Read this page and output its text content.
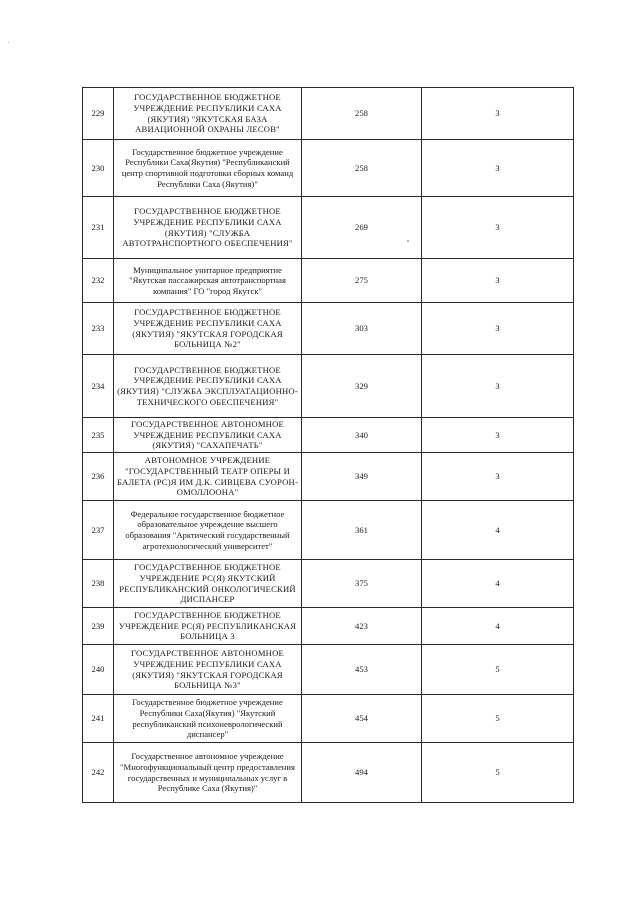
229	ГОСУДАРСТВЕННОЕ БЮДЖЕТНОЕ УЧРЕЖДЕНИЕ РЕСПУБЛИКИ САХА (ЯКУТИЯ) "ЯКУТСКАЯ БАЗА АВИАЦИОННОЙ ОХРАНЫ ЛЕСОВ"	258	3
230	Государственное бюджетное учреждение Республики Саха(Якутия) "Республиканский центр спортивной подготовки сборных команд Республики Саха (Якутия)"	258	3
231	ГОСУДАРСТВЕННОЕ БЮДЖЕТНОЕ УЧРЕЖДЕНИЕ РЕСПУБЛИКИ САХА (ЯКУТИЯ) "СЛУЖБА АВТОТРАНСПОРТНОГО ОБЕСПЕЧЕНИЯ"	269	3
232	Муниципальное унитарное предприятие "Якутская пассажирская автотранспортная компания" ГО "город Якутск"	275	3
233	ГОСУДАРСТВЕННОЕ БЮДЖЕТНОЕ УЧРЕЖДЕНИЕ РЕСПУБЛИКИ САХА (ЯКУТИЯ) "ЯКУТСКАЯ ГОРОДСКАЯ БОЛЬНИЦА №2"	303	3
234	ГОСУДАРСТВЕННОЕ БЮДЖЕТНОЕ УЧРЕЖДЕНИЕ РЕСПУБЛИКИ САХА (ЯКУТИЯ) "СЛУЖБА ЭКСПЛУАТАЦИОННО-ТЕХНИЧЕСКОГО ОБЕСПЕЧЕНИЯ"	329	3
235	ГОСУДАРСТВЕННОЕ АВТОНОМНОЕ УЧРЕЖДЕНИЕ РЕСПУБЛИКИ САХА (ЯКУТИЯ) "САХАПЕЧАТЬ"	340	3
236	АВТОНОМНОЕ УЧРЕЖДЕНИЕ "ГОСУДАРСТВЕННЫЙ ТЕАТР ОПЕРЫ И БАЛЕТА (РС)Я ИМ Д.К. СИВЦЕВА СУОРОН-ОМОЛЛООНА"	349	3
237	Федеральное государственное бюджетное образовательное учреждение высшего образования "Арктический государственный агротехнологический университет"	361	4
238	ГОСУДАРСТВЕННОЕ БЮДЖЕТНОЕ УЧРЕЖДЕНИЕ РС(Я) ЯКУТСКИЙ РЕСПУБЛИКАНСКИЙ ОНКОЛОГИЧЕСКИЙ ДИСПАНСЕР	375	4
239	ГОСУДАРСТВЕННОЕ БЮДЖЕТНОЕ УЧРЕЖДЕНИЕ РС(Я) РЕСПУБЛИКАНСКАЯ БОЛЬНИЦА 3	423	4
240	ГОСУДАРСТВЕННОЕ АВТОНОМНОЕ УЧРЕЖДЕНИЕ РЕСПУБЛИКИ САХА (ЯКУТИЯ) "ЯКУТСКАЯ ГОРОДСКАЯ БОЛЬНИЦА №3"	453	5
241	Государственное бюджетное учреждение Республики Саха(Якутия) "Якутский республиканский психоневрологический диспансер"	454	5
242	Государственное автономное учреждение "Многофункциональный центр предоставления государственных и муниципальных услуг в Республике Саха (Якутия)"	494	5
